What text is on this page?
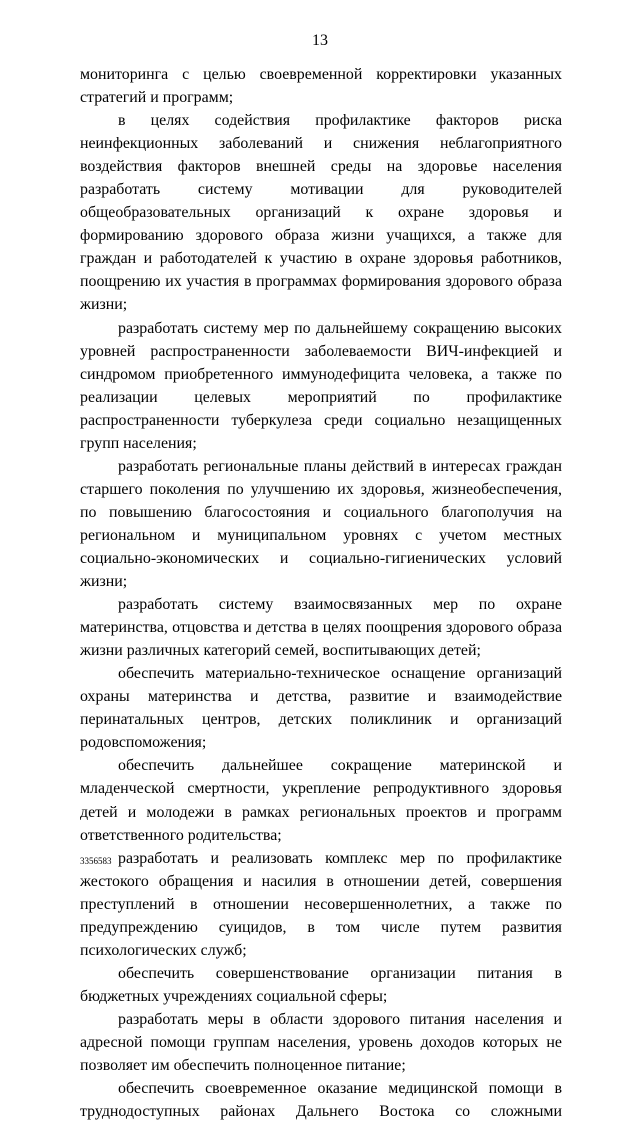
13

мониторинга с целью своевременной корректировки указанных стратегий и программ;

в целях содействия профилактике факторов риска неинфекционных заболеваний и снижения неблагоприятного воздействия факторов внешней среды на здоровье населения разработать систему мотивации для руководителей общеобразовательных организаций к охране здоровья и формированию здорового образа жизни учащихся, а также для граждан и работодателей к участию в охране здоровья работников, поощрению их участия в программах формирования здорового образа жизни;

разработать систему мер по дальнейшему сокращению высоких уровней распространенности заболеваемости ВИЧ-инфекцией и синдромом приобретенного иммунодефицита человека, а также по реализации целевых мероприятий по профилактике распространенности туберкулеза среди социально незащищенных групп населения;

разработать региональные планы действий в интересах граждан старшего поколения по улучшению их здоровья, жизнеобеспечения, по повышению благосостояния и социального благополучия на региональном и муниципальном уровнях с учетом местных социально-экономических и социально-гигиенических условий жизни;

разработать систему взаимосвязанных мер по охране материнства, отцовства и детства в целях поощрения здорового образа жизни различных категорий семей, воспитывающих детей;

обеспечить материально-техническое оснащение организаций охраны материнства и детства, развитие и взаимодействие перинатальных центров, детских поликлиник и организаций родовспоможения;

обеспечить дальнейшее сокращение материнской и младенческой смертности, укрепление репродуктивного здоровья детей и молодежи в рамках региональных проектов и программ ответственного родительства;

разработать и реализовать комплекс мер по профилактике жестокого обращения и насилия в отношении детей, совершения преступлений в отношении несовершеннолетних, а также по предупреждению суицидов, в том числе путем развития психологических служб;

обеспечить совершенствование организации питания в бюджетных учреждениях социальной сферы;

разработать меры в области здорового питания населения и адресной помощи группам населения, уровень доходов которых не позволяет им обеспечить полноценное питание;

обеспечить своевременное оказание медицинской помощи в труднодоступных районах Дальнего Востока со сложными

3356583
